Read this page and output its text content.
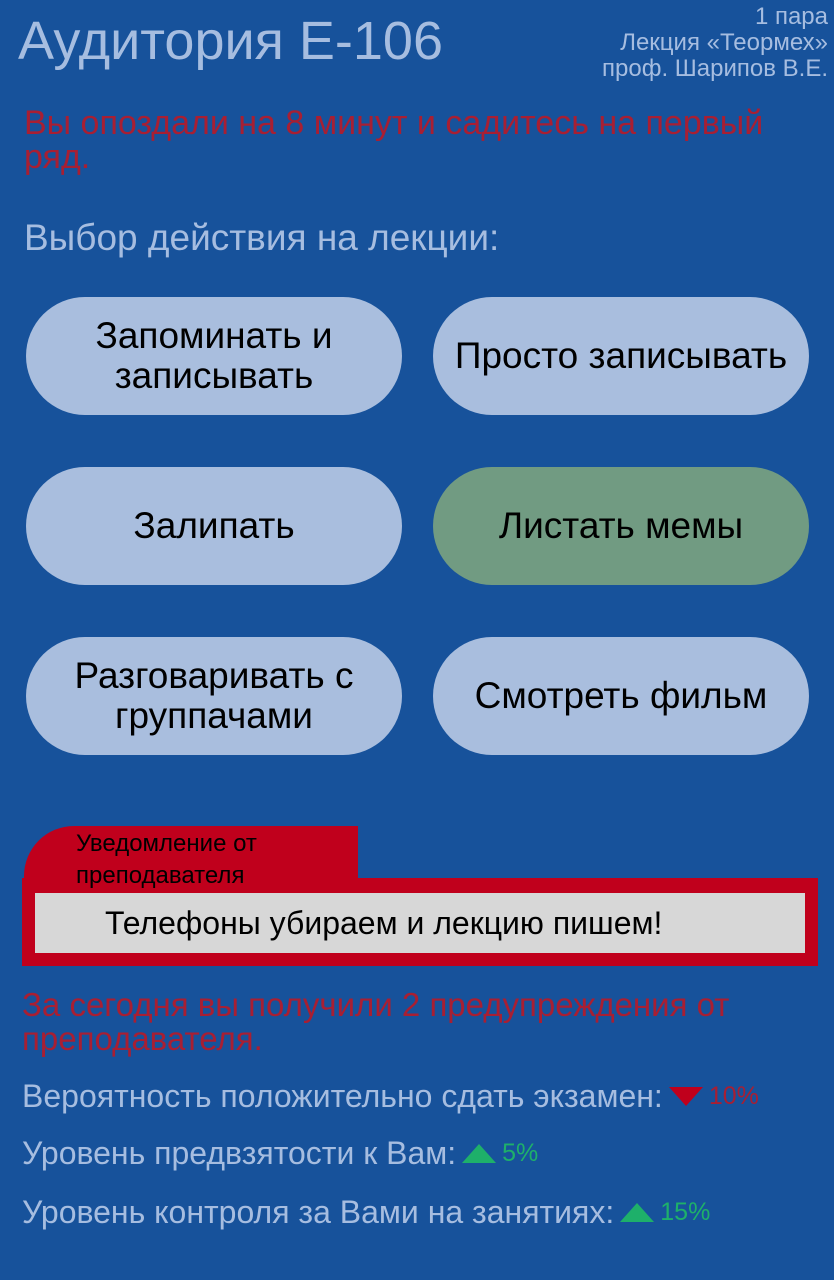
Аудитория Е-106	1 пара
Лекция «Теормех»
проф. Шарипов В.Е.
Вы опоздали на 8 минут и садитесь на первый ряд.
Выбор действия на лекции:
Запоминать и записывать	Просто записывать
Залипать	Листать мемы
Разговаривать с группачами	Смотреть фильм
Уведомление от преподавателя
Телефоны убираем и лекцию пишем!
За сегодня вы получили 2 предупреждения от преподавателя.
Вероятность положительно сдать экзамен: 10%
Уровень предвзятости к Вам: 5%
Уровень контроля за Вами на занятиях: 15%
